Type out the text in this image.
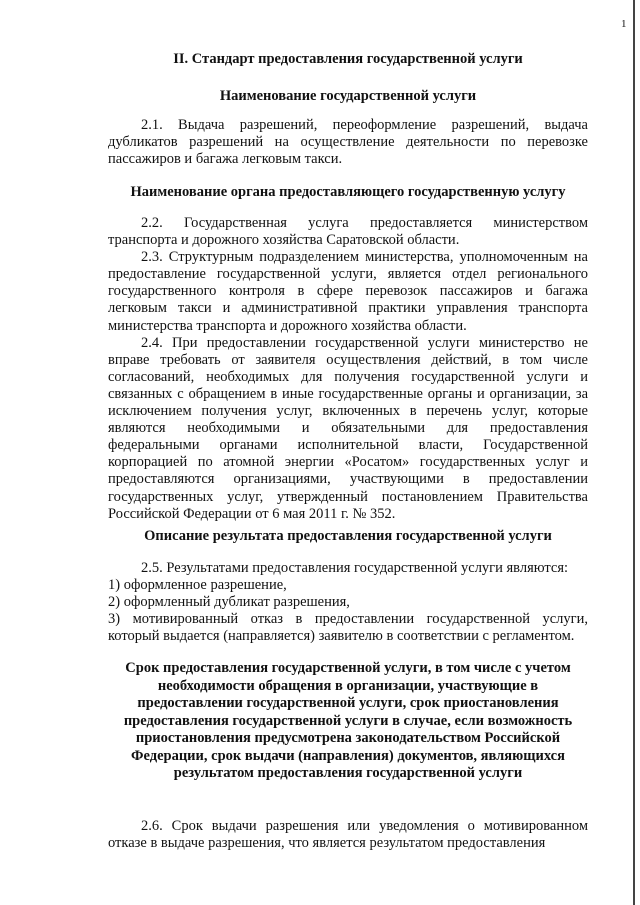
1
II. Стандарт предоставления государственной услуги
Наименование государственной услуги

2.1. Выдача разрешений, переоформление разрешений, выдача дубликатов разрешений на осуществление деятельности по перевозке пассажиров и багажа легковым такси.

Наименование органа предоставляющего государственную услугу

2.2. Государственная услуга предоставляется министерством транспорта и дорожного хозяйства Саратовской области.

2.3. Структурным подразделением министерства, уполномоченным на предоставление государственной услуги, является отдел регионального государственного контроля в сфере перевозок пассажиров и багажа легковым такси и административной практики управления транспорта министерства транспорта и дорожного хозяйства области.

2.4. При предоставлении государственной услуги министерство не вправе требовать от заявителя осуществления действий, в том числе согласований, необходимых для получения государственной услуги и связанных с обращением в иные государственные органы и организации, за исключением получения услуг, включенных в перечень услуг, которые являются необходимыми и обязательными для предоставления федеральными органами исполнительной власти, Государственной корпорацией по атомной энергии «Росатом» государственных услуг и предоставляются организациями, участвующими в предоставлении государственных услуг, утвержденный постановлением Правительства Российской Федерации от 6 мая 2011 г. № 352.

Описание результата предоставления государственной услуги

2.5. Результатами предоставления государственной услуги являются:

1) оформленное разрешение,

2) оформленный дубликат разрешения,

3) мотивированный отказ в предоставлении государственной услуги, который выдается (направляется) заявителю в соответствии с регламентом.

Срок предоставления государственной услуги, в том числе с учетом необходимости обращения в организации, участвующие в предоставлении государственной услуги, срок приостановления предоставления государственной услуги в случае, если возможность приостановления предусмотрена законодательством Российской Федерации, срок выдачи (направления) документов, являющихся результатом предоставления государственной услуги

2.6. Срок выдачи разрешения или уведомления о мотивированном отказе в выдаче разрешения, что является результатом предоставления
